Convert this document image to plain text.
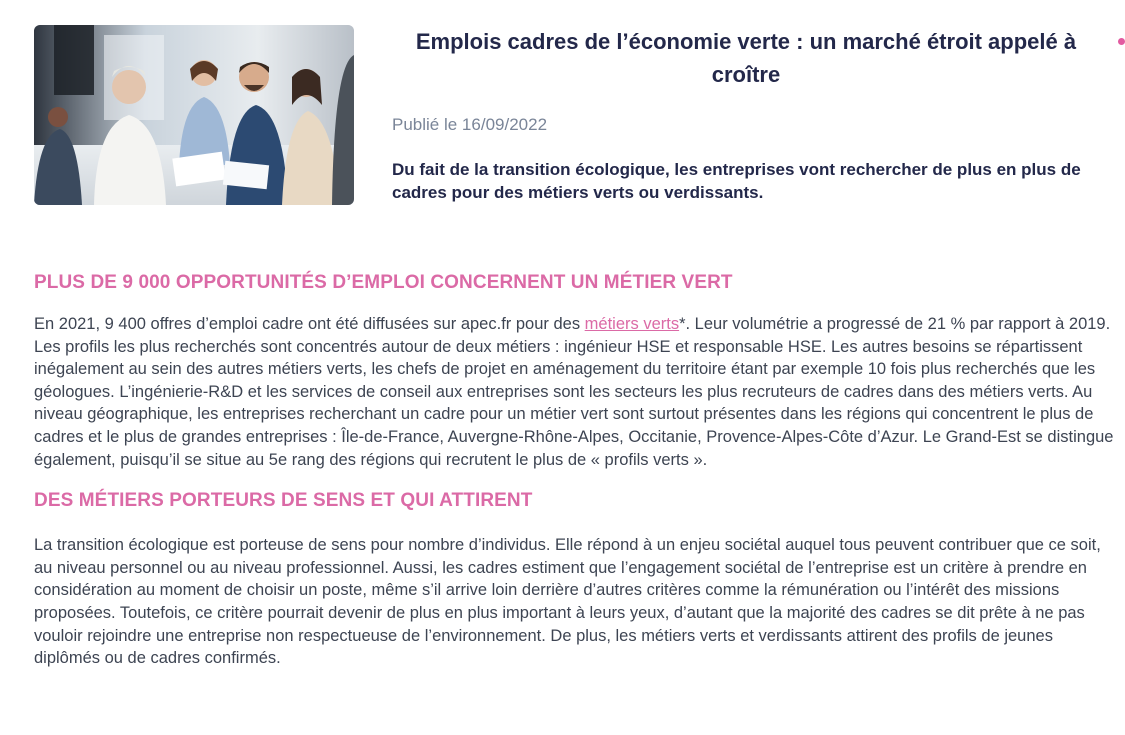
Emplois cadres de l’économie verte : un marché étroit appelé à croître
Publié le 16/09/2022
Du fait de la transition écologique, les entreprises vont rechercher de plus en plus de cadres pour des métiers verts ou verdissants.
PLUS DE 9 000 OPPORTUNITÉS D’EMPLOI CONCERNENT UN MÉTIER VERT

En 2021, 9 400 offres d’emploi cadre ont été diffusées sur apec.fr pour des métiers verts*. Leur volumétrie a progressé de 21 % par rapport à 2019. Les profils les plus recherchés sont concentrés autour de deux métiers : ingénieur HSE et responsable HSE. Les autres besoins se répartissent inégalement au sein des autres métiers verts, les chefs de projet en aménagement du territoire étant par exemple 10 fois plus recherchés que les géologues. L’ingénierie-R&D et les services de conseil aux entreprises sont les secteurs les plus recruteurs de cadres dans des métiers verts. Au niveau géographique, les entreprises recherchant un cadre pour un métier vert sont surtout présentes dans les régions qui concentrent le plus de cadres et le plus de grandes entreprises : Île-de-France, Auvergne-Rhône-Alpes, Occitanie, Provence-Alpes-Côte d’Azur. Le Grand-Est se distingue également, puisqu’il se situe au 5e rang des régions qui recrutent le plus de « profils verts ».

DES MÉTIERS PORTEURS DE SENS ET QUI ATTIRENT

La transition écologique est porteuse de sens pour nombre d’individus. Elle répond à un enjeu sociétal auquel tous peuvent contribuer que ce soit, au niveau personnel ou au niveau professionnel. Aussi, les cadres estiment que l’engagement sociétal de l’entreprise est un critère à prendre en considération au moment de choisir un poste, même s’il arrive loin derrière d’autres critères comme la rémunération ou l’intérêt des missions proposées. Toutefois, ce critère pourrait devenir de plus en plus important à leurs yeux, d’autant que la majorité des cadres se dit prête à ne pas vouloir rejoindre une entreprise non respectueuse de l’environnement. De plus, les métiers verts et verdissants attirent des profils de jeunes diplômés ou de cadres confirmés.
